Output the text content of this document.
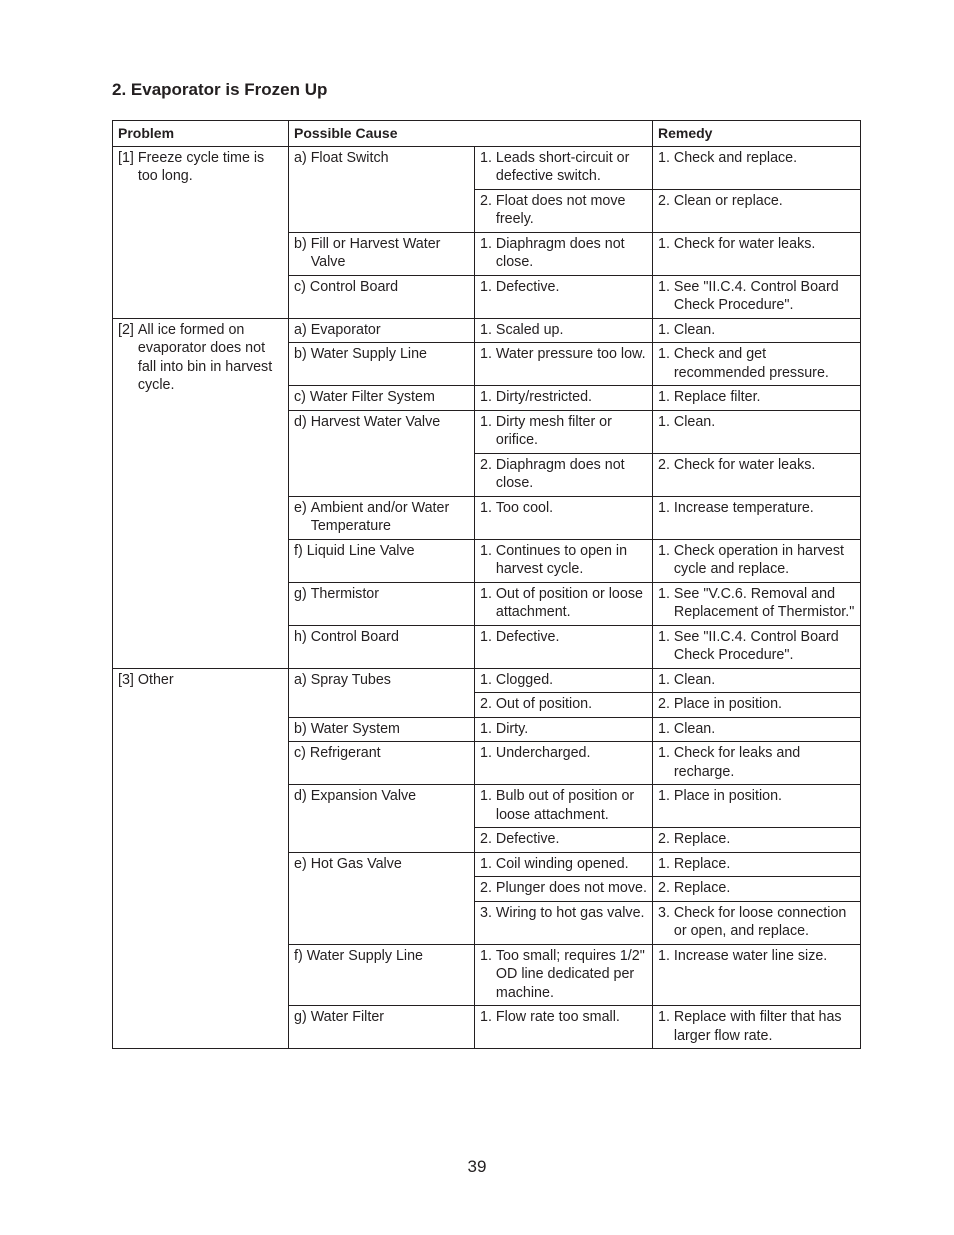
2. Evaporator is Frozen Up
Problem	Possible Cause		Remedy

[1] Freeze cycle time is too long.	a) Float Switch	1. Leads short-circuit or defective switch.	1. Check and replace.

		2. Float does not move freely.	2. Clean or replace.

	b) Fill or Harvest Water Valve	1. Diaphragm does not close.	1. Check for water leaks.

	c) Control Board	1. Defective.	1. See "II.C.4. Control Board Check Procedure".

[2] All ice formed on evaporator does not fall into bin in harvest cycle.	a) Evaporator	1. Scaled up.	1. Clean.

	b) Water Supply Line	1. Water pressure too low.	1. Check and get recommended pressure.

	c) Water Filter System	1. Dirty/restricted.	1. Replace filter.

	d) Harvest Water Valve	1. Dirty mesh filter or orifice.	1. Clean.

		2. Diaphragm does not close.	2. Check for water leaks.

	e) Ambient and/or Water Temperature	1. Too cool.	1. Increase temperature.

	f) Liquid Line Valve	1. Continues to open in harvest cycle.	1. Check operation in harvest cycle and replace.

	g) Thermistor	1. Out of position or loose attachment.	1. See "V.C.6. Removal and Replacement of Thermistor."

	h) Control Board	1. Defective.	1. See "II.C.4. Control Board Check Procedure".

[3] Other	a) Spray Tubes	1. Clogged.	1. Clean.

		2. Out of position.	2. Place in position.

	b) Water System	1. Dirty.	1. Clean.

	c) Refrigerant	1. Undercharged.	1. Check for leaks and recharge.

	d) Expansion Valve	1. Bulb out of position or loose attachment.	1. Place in position.

		2. Defective.	2. Replace.

	e) Hot Gas Valve	1. Coil winding opened.	1. Replace.

		2. Plunger does not move.	2. Replace.

		3. Wiring to hot gas valve.	3. Check for loose connection or open, and replace.

	f) Water Supply Line	1. Too small; requires 1/2" OD line dedicated per machine.	1. Increase water line size.

	g) Water Filter	1. Flow rate too small.	1. Replace with filter that has larger flow rate.
39
